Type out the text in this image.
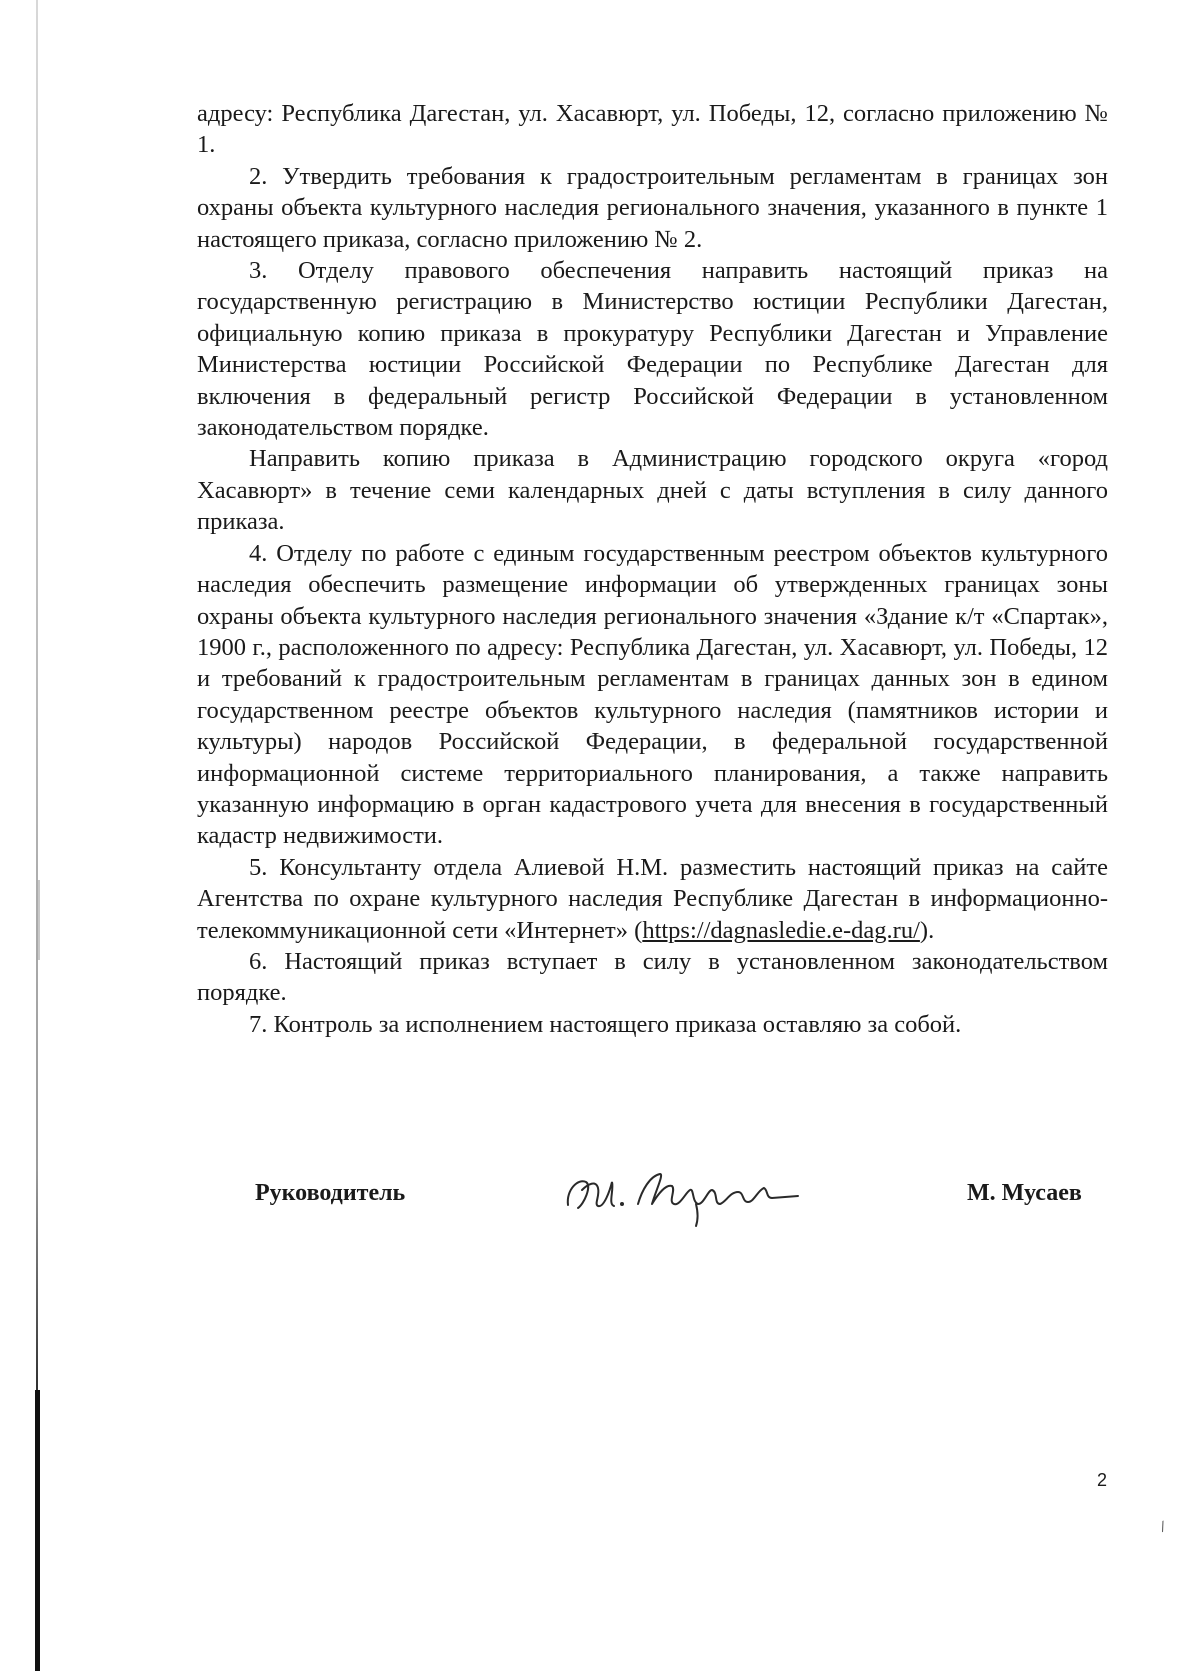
адресу: Республика Дагестан, ул. Хасавюрт, ул. Победы, 12, согласно приложению № 1.

2. Утвердить требования к градостроительным регламентам в границах зон охраны объекта культурного наследия регионального значения, указанного в пункте 1 настоящего приказа, согласно приложению № 2.

3. Отделу правового обеспечения направить настоящий приказ на государственную регистрацию в Министерство юстиции Республики Дагестан, официальную копию приказа в прокуратуру Республики Дагестан и Управление Министерства юстиции Российской Федерации по Республике Дагестан для включения в федеральный регистр Российской Федерации в установленном законодательством порядке.

Направить копию приказа в Администрацию городского округа «город Хасавюрт» в течение семи календарных дней с даты вступления в силу данного приказа.

4. Отделу по работе с единым государственным реестром объектов культурного наследия обеспечить размещение информации об утвержденных границах зоны охраны объекта культурного наследия регионального значения «Здание к/т «Спартак», 1900 г., расположенного по адресу: Республика Дагестан, ул. Хасавюрт, ул. Победы, 12 и требований к градостроительным регламентам в границах данных зон в едином государственном реестре объектов культурного наследия (памятников истории и культуры) народов Российской Федерации, в федеральной государственной информационной системе территориального планирования, а также направить указанную информацию в орган кадастрового учета для внесения в государственный кадастр недвижимости.

5. Консультанту отдела Алиевой Н.М. разместить настоящий приказ на сайте Агентства по охране культурного наследия Республике Дагестан в информационно-телекоммуникационной сети «Интернет» (https://dagnasledie.e-dag.ru/).

6. Настоящий приказ вступает в силу в установленном законодательством порядке.

7. Контроль за исполнением настоящего приказа оставляю за собой.

Руководитель	М. Мусаев
2
⁄
